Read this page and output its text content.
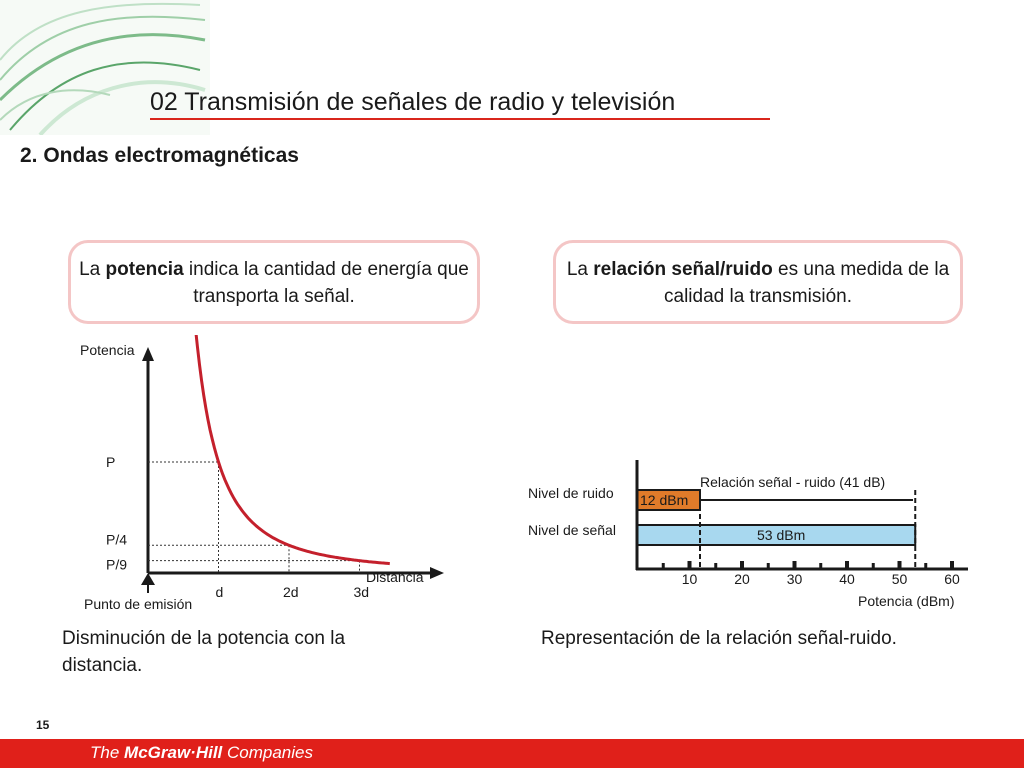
02 Transmisión de señales de radio y televisión
2. Ondas electromagnéticas
La potencia indica la cantidad de energía que transporta la señal.
La relación señal/ruido es una medida de la calidad la transmisión.
Potencia
Distancia
Punto de emisión
d
P
2d
P/4
3d
P/9
10	20	30	40	50	60
12 dBm
Nivel de ruido
53 dBm
Nivel de señal
Relación señal - ruido (41 dB)
Potencia (dBm)
Disminución de la potencia con la distancia.
Representación de la relación señal-ruido.
15
The McGraw·Hill Companies
